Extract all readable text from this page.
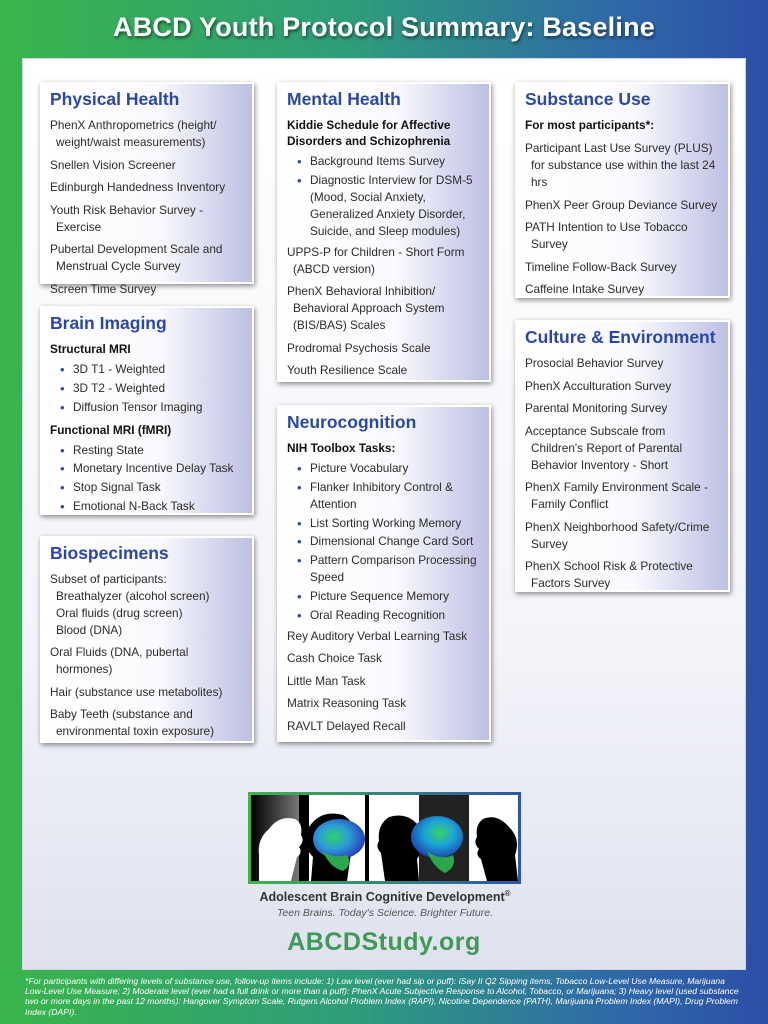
ABCD Youth Protocol Summary: Baseline
Physical Health
PhenX Anthropometrics (height/ weight/waist measurements)
Snellen Vision Screener
Edinburgh Handedness Inventory
Youth Risk Behavior Survey - Exercise
Pubertal Development Scale and Menstrual Cycle Survey
Screen Time Survey
Brain Imaging
Structural MRI
• 3D T1 - Weighted
• 3D T2 - Weighted
• Diffusion Tensor Imaging
Functional MRI (fMRI)
• Resting State
• Monetary Incentive Delay Task
• Stop Signal Task
• Emotional N-Back Task
Biospecimens
Subset of participants:
Breathalyzer (alcohol screen)
Oral fluids (drug screen)
Blood (DNA)
Oral Fluids (DNA, pubertal hormones)
Hair (substance use metabolites)
Baby Teeth (substance and environmental toxin exposure)
Mental Health
Kiddie Schedule for Affective Disorders and Schizophrenia
• Background Items Survey
• Diagnostic Interview for DSM-5 (Mood, Social Anxiety, Generalized Anxiety Disorder, Suicide, and Sleep modules)
UPPS-P for Children - Short Form (ABCD version)
PhenX Behavioral Inhibition/ Behavioral Approach System (BIS/BAS) Scales
Prodromal Psychosis Scale
Youth Resilience Scale
Neurocognition
NIH Toolbox Tasks:
• Picture Vocabulary
• Flanker Inhibitory Control & Attention
• List Sorting Working Memory
• Dimensional Change Card Sort
• Pattern Comparison Processing Speed
• Picture Sequence Memory
• Oral Reading Recognition
Rey Auditory Verbal Learning Task
Cash Choice Task
Little Man Task
Matrix Reasoning Task
RAVLT Delayed Recall
Substance Use
For most participants*:
Participant Last Use Survey (PLUS) for substance use within the last 24 hrs
PhenX Peer Group Deviance Survey
PATH Intention to Use Tobacco Survey
Timeline Follow-Back Survey
Caffeine Intake Survey
Culture & Environment
Prosocial Behavior Survey
PhenX Acculturation Survey
Parental Monitoring Survey
Acceptance Subscale from Children's Report of Parental Behavior Inventory - Short
PhenX Family Environment Scale - Family Conflict
PhenX Neighborhood Safety/Crime Survey
PhenX School Risk & Protective Factors Survey
Adolescent Brain Cognitive Development®
Teen Brains. Today's Science. Brighter Future.
ABCDStudy.org
*For participants with differing levels of substance use, follow-up items include: 1) Low level (ever had sip or puff): iSay II Q2 Sipping items, Tobacco Low-Level Use Measure, Marijuana Low-Level Use Measure; 2) Moderate level (ever had a full drink or more than a puff): PhenX Acute Subjective Response to Alcohol, Tobacco, or Marijuana; 3) Heavy level (used substance two or more days in the past 12 months): Hangover Symptom Scale, Rutgers Alcohol Problem Index (RAPI), Nicotine Dependence (PATH), Marijuana Problem Index (MAPI), Drug Problem Index (DAPI).
